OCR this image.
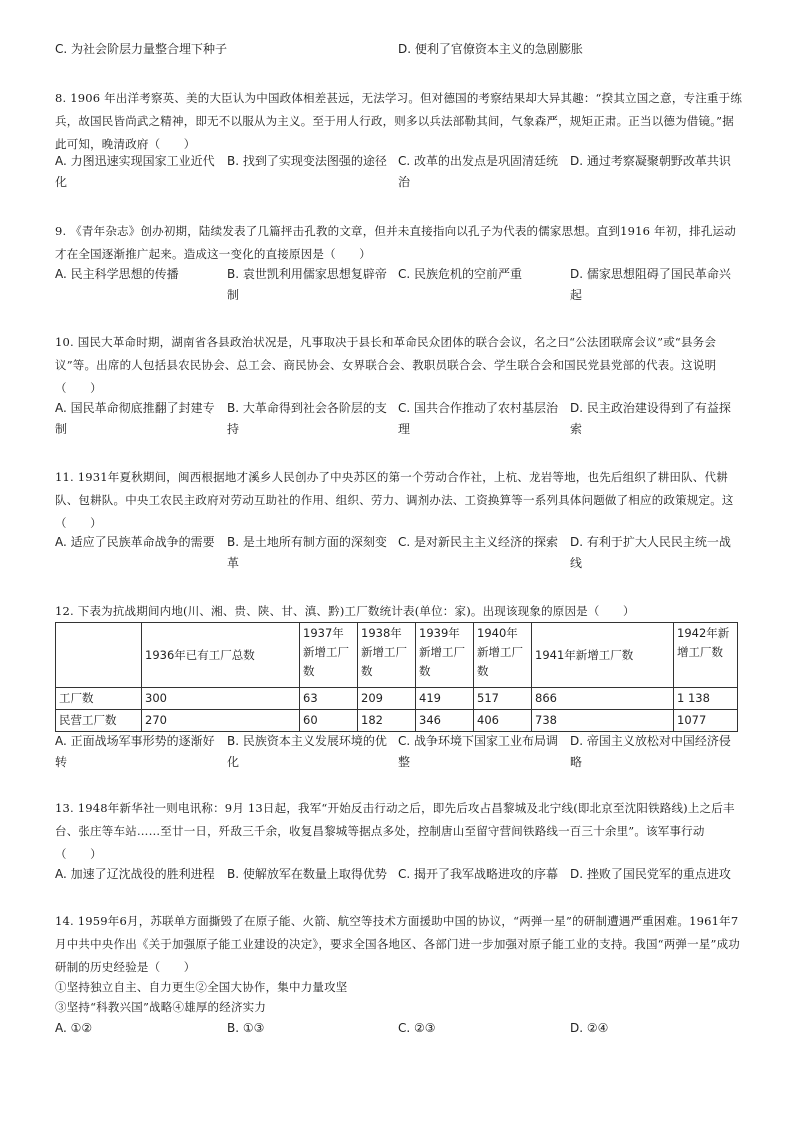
C. 为社会阶层力量整合埋下种子	D. 便利了官僚资本主义的急剧膨胀
8. 1906 年出洋考察英、美的大臣认为中国政体相差甚远，无法学习。但对德国的考察结果却大异其趣：“揆其立国之意，专注重于练兵，故国民皆尚武之精神，即无不以服从为主义。至于用人行政，则多以兵法部勒其间，气象森严，规矩正肃。正当以德为借镜。”据此可知，晚清政府（　　）
A. 力图迅速实现国家工业近代化
B. 找到了实现变法图强的途径 C. 改革的出发点是巩固清廷统治
D. 通过考察凝聚朝野改革共识
9. 《青年杂志》创办初期，陆续发表了几篇抨击孔教的文章，但并未直接指向以孔子为代表的儒家思想。直到1916 年初，排孔运动才在全国逐渐推广起来。造成这一变化的直接原因是（　　）
A. 民主科学思想的传播	B. 袁世凯利用儒家思想复辟帝制
C. 民族危机的空前严重	D. 儒家思想阻碍了国民革命兴起
10. 国民大革命时期，湖南省各县政治状况是，凡事取决于县长和革命民众团体的联合会议，名之曰“公法团联席会议”或“县务会议”等。出席的人包括县农民协会、总工会、商民协会、女界联合会、教职员联合会、学生联合会和国民党县党部的代表。这说明（　　）
A. 国民革命彻底推翻了封建专制
B. 大革命得到社会各阶层的支持
C. 国共合作推动了农村基层治理
D. 民主政治建设得到了有益探索
11. 1931年夏秋期间，闽西根据地才溪乡人民创办了中央苏区的第一个劳动合作社，上杭、龙岩等地，也先后组织了耕田队、代耕队、包耕队。中央工农民主政府对劳动互助社的作用、组织、劳力、调剂办法、工资换算等一系列具体问题做了相应的政策规定。这（　　）
A. 适应了民族革命战争的需要	B. 是土地所有制方面的深刻变革
C. 是对新民主主义经济的探索 D. 有利于扩大人民民主统一战线
12. 下表为抗战期间内地(川、湘、贵、陕、甘、滇、黔)工厂数统计表(单位：家)。出现该现象的原因是（　　）
	1936年已有工厂总数	1937年新增工厂数	1938年新增工厂数	1939年新增工厂数	1940年新增工厂数	1941年新增工厂数	1942年新增工厂数
工厂数	300	63	209	419	517	866	1 138
民营工厂数	270	60	182	346	406	738	1077
A. 正面战场军事形势的逐渐好转
B. 民族资本主义发展环境的优化
C. 战争环境下国家工业布局调整
D. 帝国主义放松对中国经济侵略
13. 1948年新华社一则电讯称：9月 13日起，我军“开始反击行动之后，即先后攻占昌黎城及北宁线(即北京至沈阳铁路线)上之后丰台、张庄等车站……至廿一日，歼敌三千余，收复昌黎城等据点多处，控制唐山至留守营间铁路线一百三十余里”。该军事行动（　　）
A. 加速了辽沈战役的胜利进程 B. 使解放军在数量上取得优势 C. 揭开了我军战略进攻的序幕 D. 挫败了国民党军的重点进攻
14. 1959年6月，苏联单方面撕毁了在原子能、火箭、航空等技术方面援助中国的协议，“两弹一星”的研制遭遇严重困难。1961年7月中共中央作出《关于加强原子能工业建设的决定》，要求全国各地区、各部门进一步加强对原子能工业的支持。我国“两弹一星”成功研制的历史经验是（　　）
①坚持独立自主、自力更生②全国大协作，集中力量攻坚
③坚持“科教兴国”战略④雄厚的经济实力
A. ①②	B. ①③	C. ②③	D. ②④
